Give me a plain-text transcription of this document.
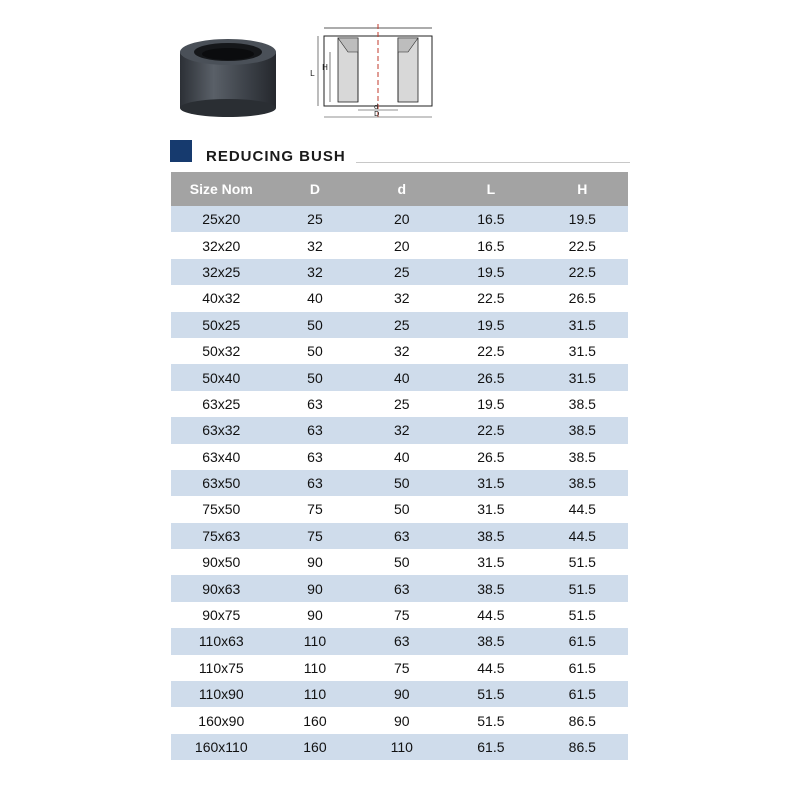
L
H
d
D
REDUCING BUSH
Size Nom	D	d	L	H
25x20	25	20	16.5	19.5
32x20	32	20	16.5	22.5
32x25	32	25	19.5	22.5
40x32	40	32	22.5	26.5
50x25	50	25	19.5	31.5
50x32	50	32	22.5	31.5
50x40	50	40	26.5	31.5
63x25	63	25	19.5	38.5
63x32	63	32	22.5	38.5
63x40	63	40	26.5	38.5
63x50	63	50	31.5	38.5
75x50	75	50	31.5	44.5
75x63	75	63	38.5	44.5
90x50	90	50	31.5	51.5
90x63	90	63	38.5	51.5
90x75	90	75	44.5	51.5
110x63	110	63	38.5	61.5
110x75	110	75	44.5	61.5
110x90	110	90	51.5	61.5
160x90	160	90	51.5	86.5
160x110	160	110	61.5	86.5
